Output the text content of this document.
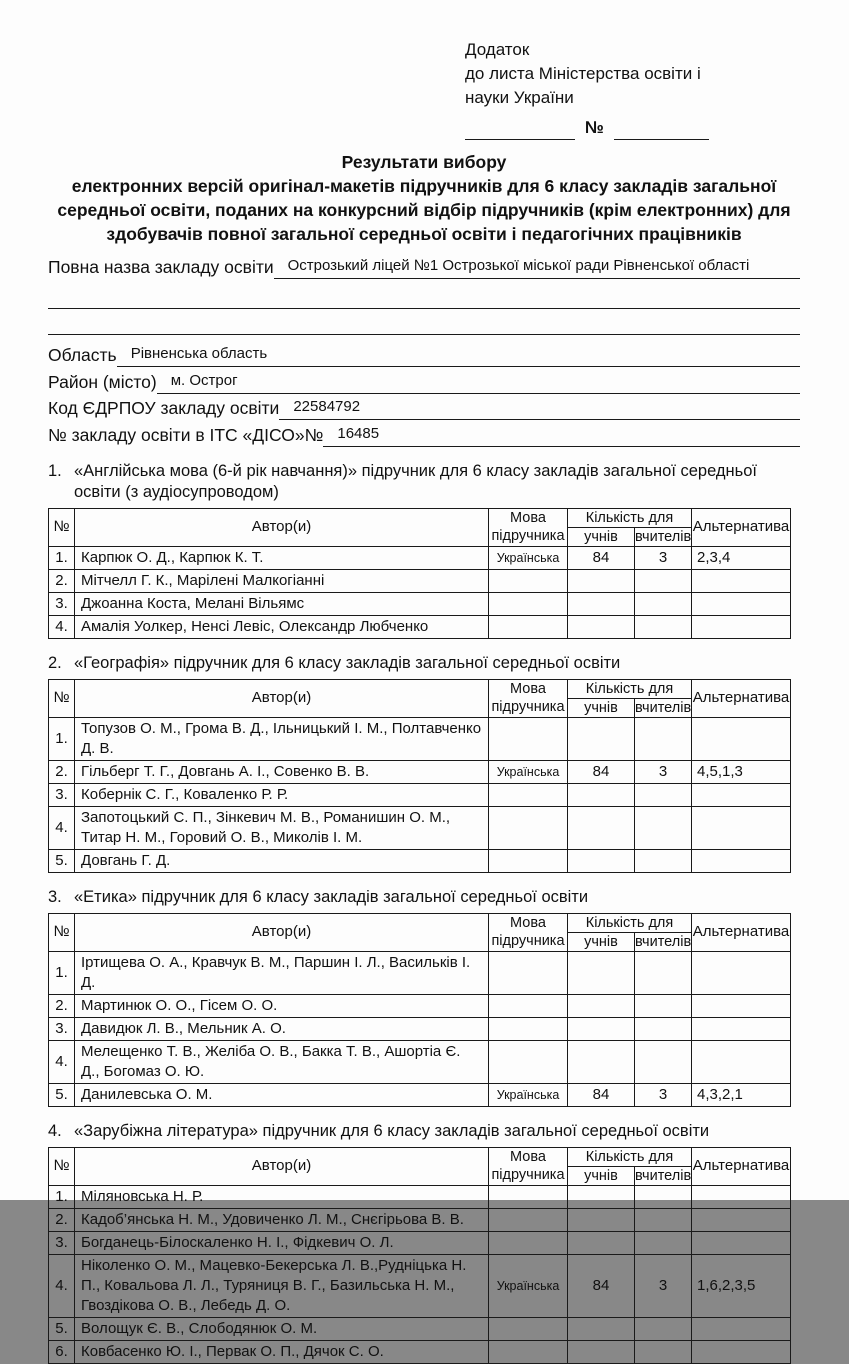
Додаток
до листа Міністерства освіти і
науки України
№
Результати вибору
електронних версій оригінал-макетів підручників для 6 класу закладів загальної середньої освіти, поданих на конкурсний відбір підручників (крім електронних) для здобувачів повної загальної середньої освіти і педагогічних працівників
Повна назва закладу освіти Острозький ліцей №1 Острозької міської ради Рівненської області
Область Рівненська область
Район (місто) м. Острог
Код ЄДРПОУ закладу освіти 22584792
№ закладу освіти в ІТС «ДІСО»№ 16485
1. «Англійська мова (6-й рік навчання)» підручник для 6 класу закладів загальної середньої освіти (з аудіосупроводом)
№	Автор(и)	Мова підручника	Кількість для		Альтернатива
			учнів	вчителів	
1.	Карпюк О. Д., Карпюк К. Т.	Українська	84	3	2,3,4
2.	Мітчелл Г. К., Марілені Малкогіанні				
3.	Джоанна Коста, Мелані Вільямс				
4.	Амалія Уолкер, Ненсі Левіс, Олександр Любченко				
2. «Географія» підручник для 6 класу закладів загальної середньої освіти
№	Автор(и)	Мова підручника	Кількість для		Альтернатива
			учнів	вчителів	
1.	Топузов О. М., Грома В. Д., Ільницький І. М., Полтавченко Д. В.				
2.	Гільберг Т. Г., Довгань А. І., Совенко В. В.	Українська	84	3	4,5,1,3
3.	Кобернік С. Г., Коваленко Р. Р.				
4.	Запотоцький С. П., Зінкевич М. В., Романишин О. М., Титар Н. М., Горовий О. В., Миколів І. М.				
5.	Довгань Г. Д.				
3. «Етика» підручник для 6 класу закладів загальної середньої освіти
№	Автор(и)	Мова підручника	Кількість для		Альтернатива
			учнів	вчителів	
1.	Іртищева О. А., Кравчук В. М., Паршин І. Л., Васильків І. Д.				
2.	Мартинюк О. О., Гісем О. О.				
3.	Давидюк Л. В., Мельник А. О.				
4.	Мелещенко Т. В., Желіба О. В., Бакка Т. В., Ашортіа Є. Д., Богомаз О. Ю.				
5.	Данилевська О. М.	Українська	84	3	4,3,2,1
4. «Зарубіжна література» підручник для 6 класу закладів загальної середньої освіти
№	Автор(и)	Мова підручника	Кількість для		Альтернатива
			учнів	вчителів	
1.	Міляновська Н. Р.				
2.	Кадоб’янська Н. М., Удовиченко Л. М., Снєгірьова В. В.				
3.	Богданець-Білоскаленко Н. І., Фідкевич О. Л.				
4.	Ніколенко О. М., Мацевко-Бекерська Л. В.,Рудніцька Н. П., Ковальова Л. Л., Туряниця В. Г., Базильська Н. М., Гвоздікова О. В., Лебедь Д. О.	Українська	84	3	1,6,2,3,5
5.	Волощук Є. В., Слободянюк О. М.				
6.	Ковбасенко Ю. І., Первак О. П., Дячок С. О.				
